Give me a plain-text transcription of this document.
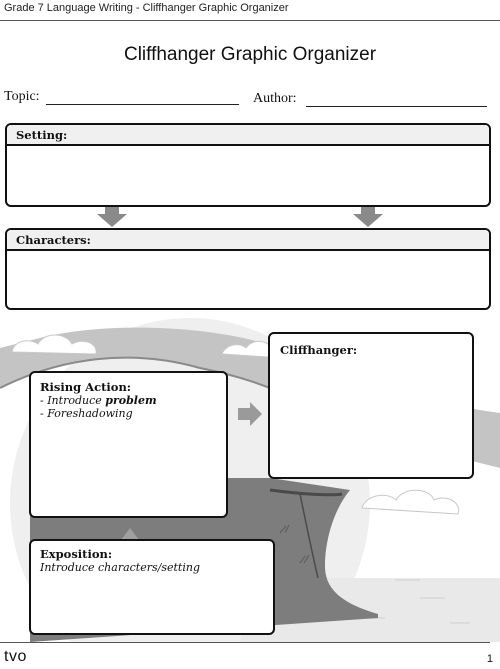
Grade 7 Language Writing - Cliffhanger Graphic Organizer
Cliffhanger Graphic Organizer
Topic:	Author:
Setting:
Characters:
Cliffhanger:
Rising Action:
- Introduce problem
- Foreshadowing
Exposition:
Introduce characters/setting
tvo	1
